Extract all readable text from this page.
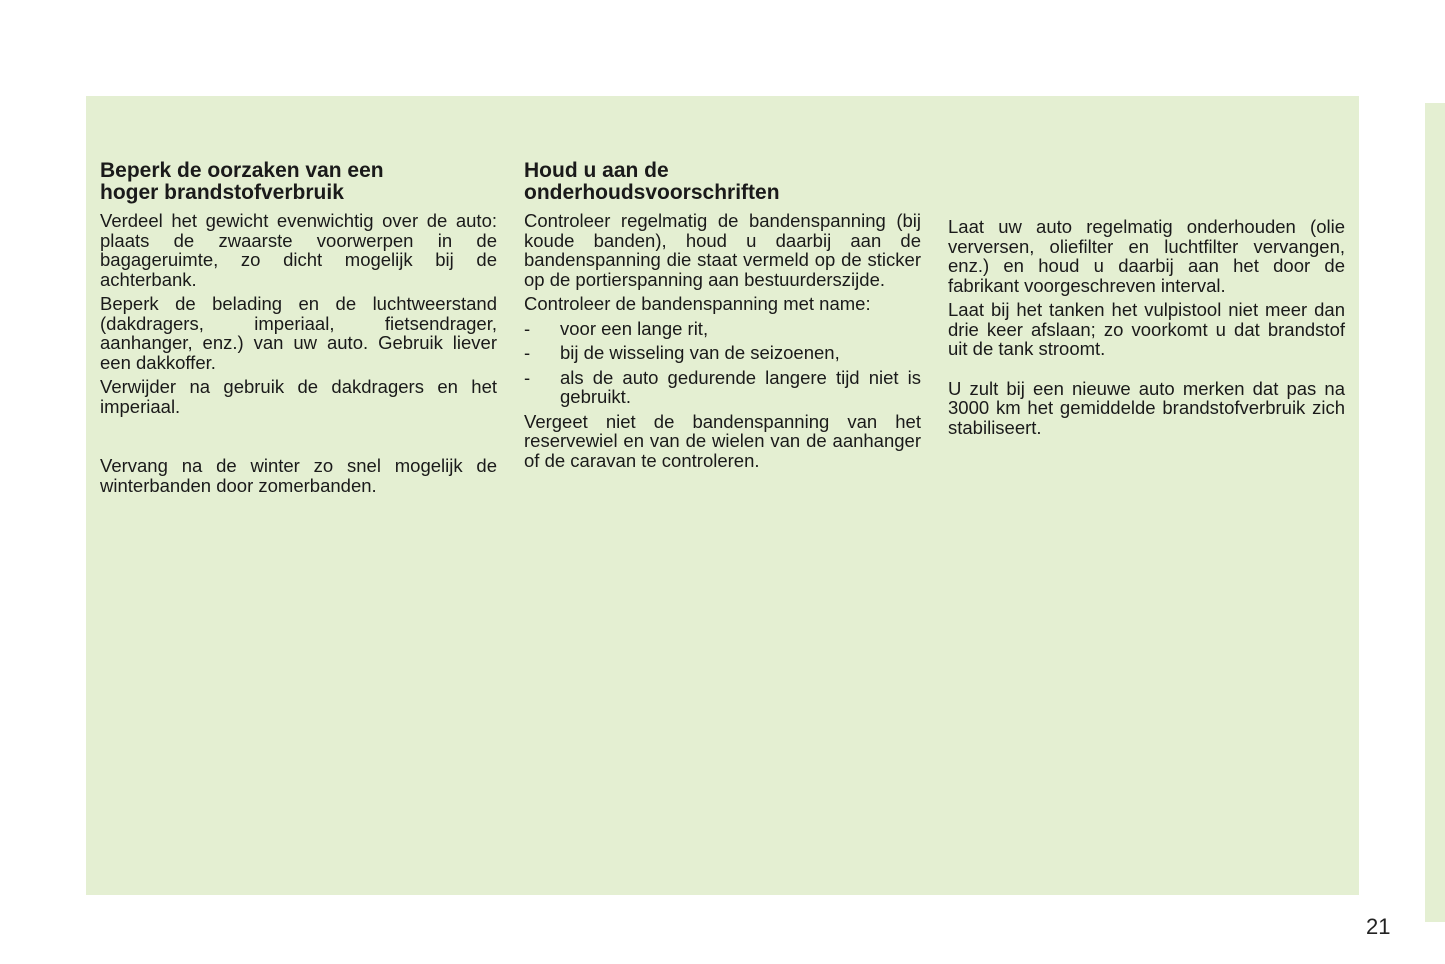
Beperk de oorzaken van een
hoger brandstofverbruik

Verdeel het gewicht evenwichtig over de auto: plaats de zwaarste voorwerpen in de bagageruimte, zo dicht mogelijk bij de achterbank.

Beperk de belading en de luchtweerstand (dakdragers, imperiaal, fietsendrager, aanhanger, enz.) van uw auto. Gebruik liever een dakkoffer.

Verwijder na gebruik de dakdragers en het imperiaal.

Vervang na de winter zo snel mogelijk de winterbanden door zomerbanden.

Houd u aan de
onderhoudsvoorschriften

Controleer regelmatig de bandenspanning (bij koude banden), houd u daarbij aan de bandenspanning die staat vermeld op de sticker op de portierspanning aan bestuurderszijde.

Controleer de bandenspanning met name:

- voor een lange rit,
- bij de wisseling van de seizoenen,
- als de auto gedurende langere tijd niet is gebruikt.

Vergeet niet de bandenspanning van het reservewiel en van de wielen van de aanhanger of de caravan te controleren.

Laat uw auto regelmatig onderhouden (olie verversen, oliefilter en luchtfilter vervangen, enz.) en houd u daarbij aan het door de fabrikant voorgeschreven interval.

Laat bij het tanken het vulpistool niet meer dan drie keer afslaan; zo voorkomt u dat brandstof uit de tank stroomt.

U zult bij een nieuwe auto merken dat pas na 3000 km het gemiddelde brandstofverbruik zich stabiliseert.

21
